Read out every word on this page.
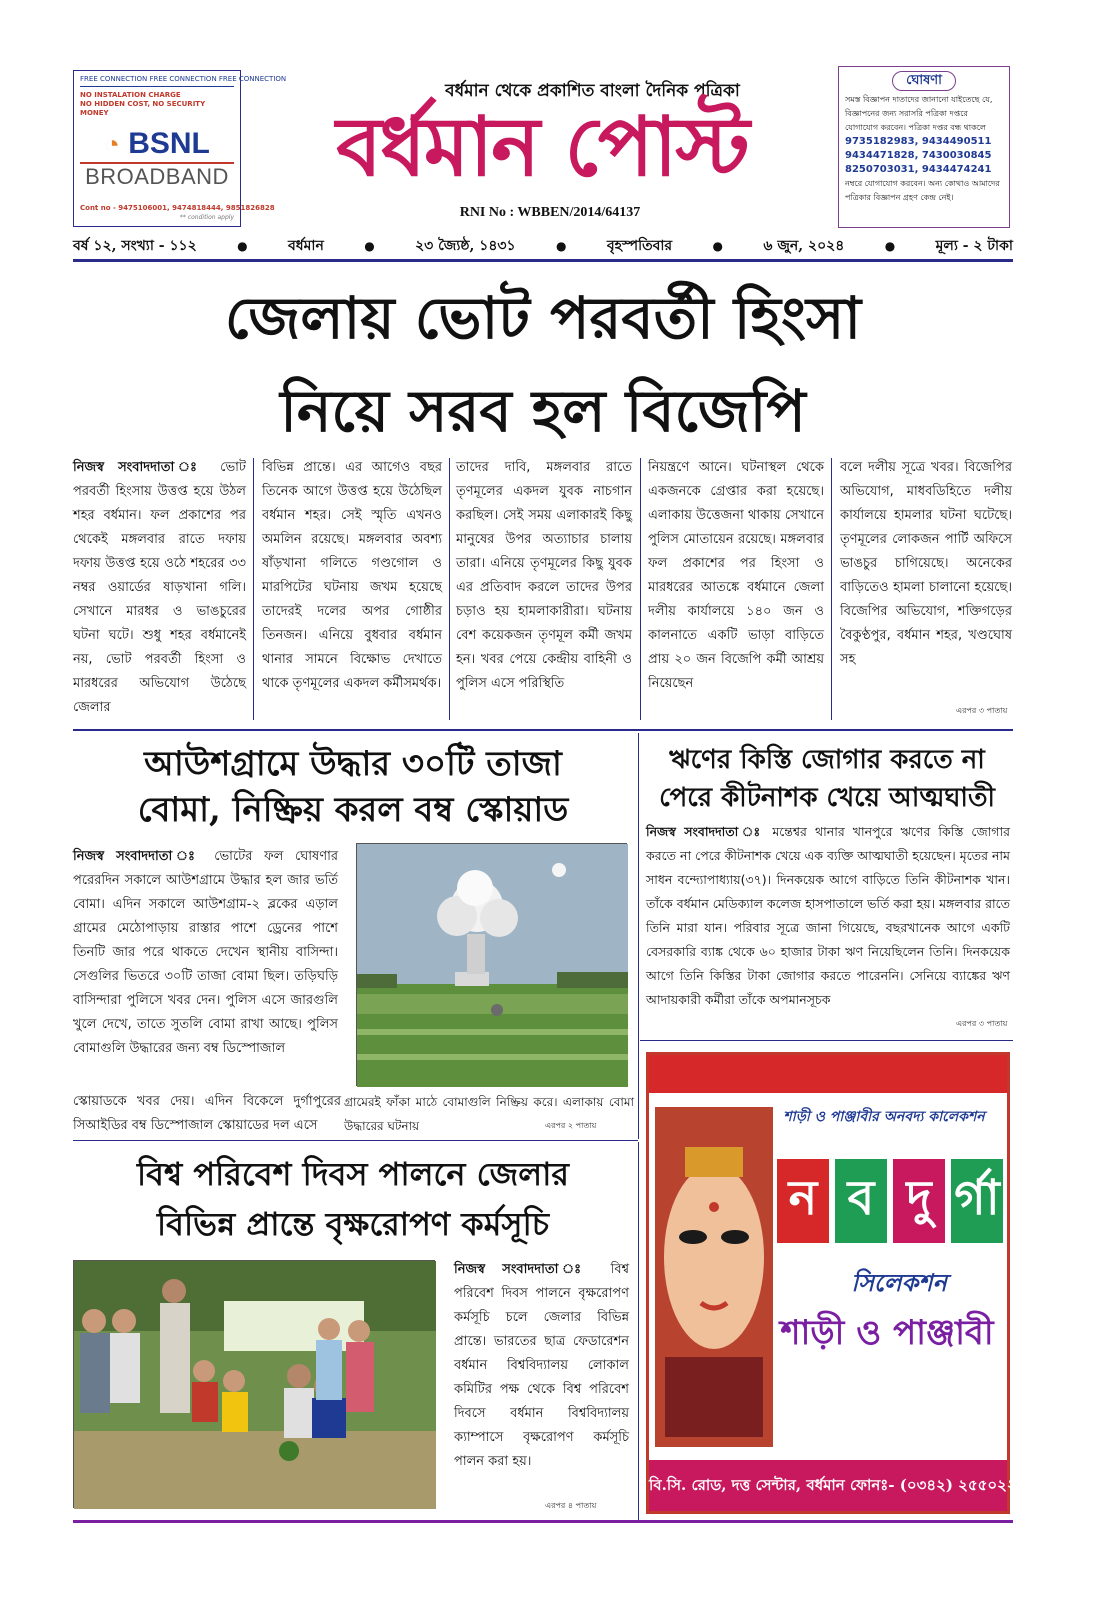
FREE CONNECTION FREE CONNECTION FREE CONNECTION
NO INSTALATION CHARGE
NO HIDDEN COST, NO SECURITY MONEY
◔ BSNL
BROADBAND
Cont no - 9475106001, 9474818444, 9851826828
** condition apply
বর্ধমান থেকে প্রকাশিত বাংলা দৈনিক পত্রিকা
বর্ধমান পোস্ট
RNI No : WBBEN/2014/64137
ঘোষণা
সমস্ত বিজ্ঞাপন দাতাদের জানানো যাইতেছে যে, বিজ্ঞাপনের জন্য সরাসরি পত্রিকা দপ্তরে যোগাযোগ করবেন। পত্রিকা দপ্তর বন্ধ থাকলে
9735182983, 9434490511 9434471828, 7430030845 8250703031, 9434474241
নম্বরে যোগাযোগ করবেন। অন্য কোথাও আমাদের পত্রিকার বিজ্ঞাপন গ্রহণ কেন্দ্র নেই।
বর্ষ ১২, সংখ্যা - ১১২	●	বর্ধমান	●	২৩ জ্যৈষ্ঠ, ১৪৩১	●	বৃহস্পতিবার	●	৬ জুন, ২০২৪	●	মূল্য - ২ টাকা
জেলায় ভোট পরবর্তী হিংসা
নিয়ে সরব হল বিজেপি
নিজস্ব সংবাদদাতা ঃ ভোট পরবর্তী হিংসায় উত্তপ্ত হয়ে উঠল শহর বর্ধমান। ফল প্রকাশের পর থেকেই মঙ্গলবার রাতে দফায় দফায় উত্তপ্ত হয়ে ওঠে শহরের ৩৩ নম্বর ওয়ার্ডের ষাড়খানা গলি। সেখানে মারধর ও ভাঙচুরের ঘটনা ঘটে। শুধু শহর বর্ধমানেই নয়, ভোট পরবর্তী হিংসা ও মারধরের অভিযোগ উঠেছে জেলার
বিভিন্ন প্রান্তে। এর আগেও বছর তিনেক আগে উত্তপ্ত হয়ে উঠেছিল বর্ধমান শহর। সেই স্মৃতি এখনও অমলিন রয়েছে। মঙ্গলবার অবশ্য ষাঁড়খানা গলিতে গণ্ডগোল ও মারপিটের ঘটনায় জখম হয়েছে তাদেরই দলের অপর গোষ্ঠীর তিনজন। এনিয়ে বুধবার বর্ধমান থানার সামনে বিক্ষোভ দেখাতে থাকে তৃণমূলের একদল কর্মীসমর্থক।
তাদের দাবি, মঙ্গলবার রাতে তৃণমূলের একদল যুবক নাচগান করছিল। সেই সময় এলাকারই কিছু মানুষের উপর অত্যাচার চালায় তারা। এনিয়ে তৃণমূলের কিছু যুবক এর প্রতিবাদ করলে তাদের উপর চড়াও হয় হামলাকারীরা। ঘটনায় বেশ কয়েকজন তৃণমূল কর্মী জখম হন। খবর পেয়ে কেন্দ্রীয় বাহিনী ও পুলিস এসে পরিস্থিতি
নিয়ন্ত্রণে আনে। ঘটনাস্থল থেকে একজনকে গ্রেপ্তার করা হয়েছে। এলাকায় উত্তেজনা থাকায় সেখানে পুলিস মোতায়েন রয়েছে। মঙ্গলবার ফল প্রকাশের পর হিংসা ও মারধরের আতঙ্কে বর্ধমানে জেলা দলীয় কার্যালয়ে ১৪০ জন ও কালনাতে একটি ভাড়া বাড়িতে প্রায় ২০ জন বিজেপি কর্মী আশ্রয় নিয়েছেন
বলে দলীয় সূত্রে খবর। বিজেপির অভিযোগ, মাধবডিহিতে দলীয় কার্যালয়ে হামলার ঘটনা ঘটেছে। তৃণমূলের লোকজন পার্টি অফিসে ভাঙচুর চাগিয়েছে। অনেকের বাড়িতেও হামলা চালানো হয়েছে। বিজেপির অভিযোগ, শক্তিগড়ের বৈকুণ্ঠপুর, বর্ধমান শহর, খণ্ডঘোষ সহ
এরপর ৩ পাতায়
আউশগ্রামে উদ্ধার ৩০টি তাজা
বোমা, নিষ্ক্রিয় করল বম্ব স্কোয়াড
নিজস্ব সংবাদদাতা ঃ ভোটের ফল ঘোষণার পরেরদিন সকালে আউশগ্রামে উদ্ধার হল জার ভর্তি বোমা। এদিন সকালে আউশগ্রাম-২ ব্লকের এড়াল গ্রামের মেঠোপাড়ায় রাস্তার পাশে ড্রেনের পাশে তিনটি জার পরে থাকতে দেখেন স্থানীয় বাসিন্দা। সেগুলির ভিতরে ৩০টি তাজা বোমা ছিল। তড়িঘড়ি বাসিন্দারা পুলিসে খবর দেন। পুলিস এসে জারগুলি খুলে দেখে, তাতে সুতলি বোমা রাখা আছে। পুলিস বোমাগুলি উদ্ধারের জন্য বম্ব ডিস্পোজাল
স্কোয়াডকে খবর দেয়। এদিন বিকেলে দুর্গাপুরের সিআইডির বম্ব ডিস্পোজাল স্কোয়াডের দল এসে
গ্রামেরই ফাঁকা মাঠে বোমাগুলি নিষ্ক্রিয় করে। এলাকায় বোমা উদ্ধারের ঘটনায়	এরপর ২ পাতায়
ঋণের কিস্তি জোগার করতে না
পেরে কীটনাশক খেয়ে আত্মঘাতী
নিজস্ব সংবাদদাতা ঃ মন্তেশ্বর থানার খানপুরে ঋণের কিস্তি জোগার করতে না পেরে কীটনাশক খেয়ে এক ব্যক্তি আত্মঘাতী হয়েছেন। মৃতের নাম সাধন বন্দ্যোপাধ্যায়(৩৭)। দিনকয়েক আগে বাড়িতে তিনি কীটনাশক খান। তাঁকে বর্ধমান মেডিক্যাল কলেজ হাসপাতালে ভর্তি করা হয়। মঙ্গলবার রাতে তিনি মারা যান। পরিবার সূত্রে জানা গিয়েছে, বছরখানেক আগে একটি বেসরকারি ব্যাঙ্ক থেকে ৬০ হাজার টাকা ঋণ নিয়েছিলেন তিনি। দিনকয়েক আগে তিনি কিস্তির টাকা জোগার করতে পারেননি। সেনিয়ে ব্যাঙ্কের ঋণ আদায়কারী কর্মীরা তাঁকে অপমানসূচক
এরপর ৩ পাতায়
বিশ্ব পরিবেশ দিবস পালনে জেলার
বিভিন্ন প্রান্তে বৃক্ষরোপণ কর্মসূচি
নিজস্ব সংবাদদাতা ঃ বিশ্ব পরিবেশ দিবস পালনে বৃক্ষরোপণ কর্মসূচি চলে জেলার বিভিন্ন প্রান্তে। ভারতের ছাত্র ফেডারেশন বর্ধমান বিশ্ববিদ্যালয় লোকাল কমিটির পক্ষ থেকে বিশ্ব পরিবেশ দিবসে বর্ধমান বিশ্ববিদ্যালয় ক্যাম্পাসে বৃক্ষরোপণ কর্মসূচি পালন করা হয়।
এরপর ৪ পাতায়
শাড়ী ও পাঞ্জাবীর অনবদ্য কালেকশন
ন ব দু র্গা
সিলেকশন
শাড়ী ও পাঞ্জাবী
বি.সি. রোড, দত্ত সেন্টার, বর্ধমান ফোনঃ- (০৩৪২) ২৫৫০২২৮
